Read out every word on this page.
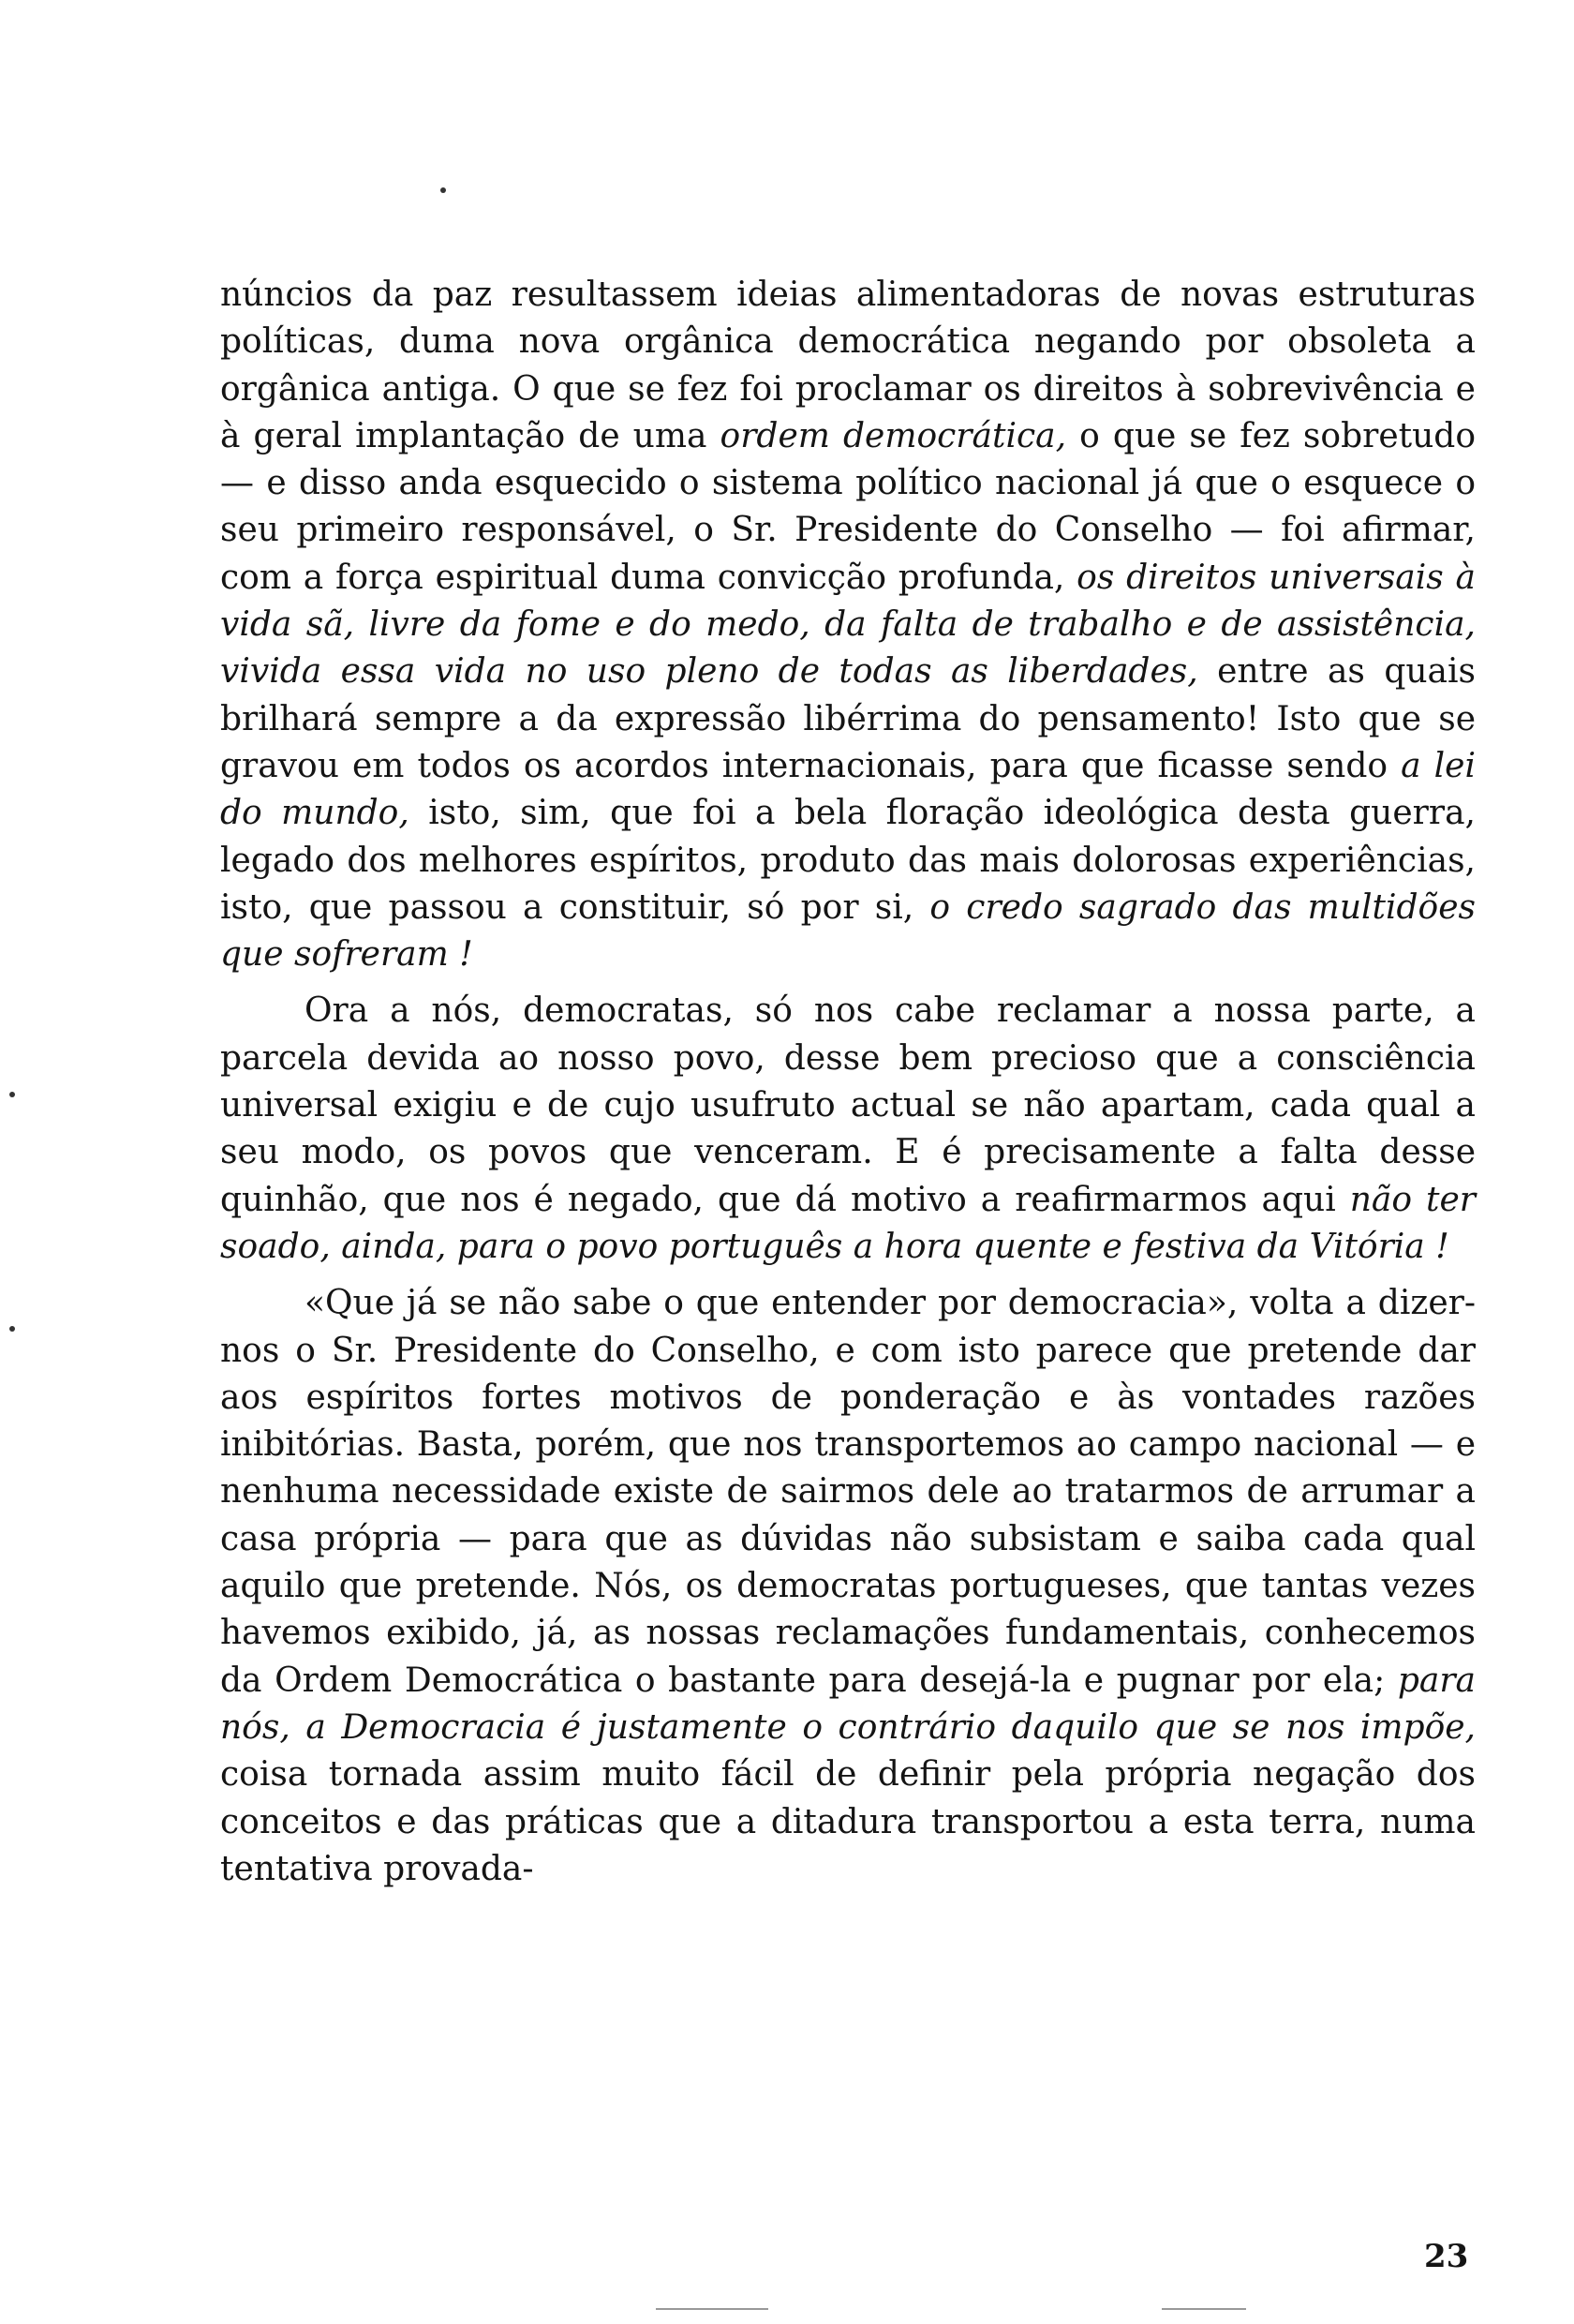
núncios da paz resultassem ideias alimentadoras de novas estruturas políticas, duma nova orgânica democrática negando por obsoleta a orgânica antiga. O que se fez foi proclamar os direitos à sobrevivência e à geral implantação de uma ordem democrática, o que se fez sobretudo — e disso anda esquecido o sistema político nacional já que o esquece o seu primeiro responsável, o Sr. Presidente do Conselho — foi afirmar, com a força espiritual duma convicção profunda, os direitos universais à vida sã, livre da fome e do medo, da falta de trabalho e de assistência, vivida essa vida no uso pleno de todas as liberdades, entre as quais brilhará sempre a da expressão libérrima do pensamento! Isto que se gravou em todos os acordos internacionais, para que ficasse sendo a lei do mundo, isto, sim, que foi a bela floração ideológica desta guerra, legado dos melhores espíritos, produto das mais dolorosas experiências, isto, que passou a constituir, só por si, o credo sagrado das multidões que sofreram !

Ora a nós, democratas, só nos cabe reclamar a nossa parte, a parcela devida ao nosso povo, desse bem precioso que a consciência universal exigiu e de cujo usufruto actual se não apartam, cada qual a seu modo, os povos que venceram. E é precisamente a falta desse quinhão, que nos é negado, que dá motivo a reafirmarmos aqui não ter soado, ainda, para o povo português a hora quente e festiva da Vitória !

«Que já se não sabe o que entender por democracia», volta a dizer-nos o Sr. Presidente do Conselho, e com isto parece que pretende dar aos espíritos fortes motivos de ponderação e às vontades razões inibitórias. Basta, porém, que nos transportemos ao campo nacional — e nenhuma necessidade existe de sairmos dele ao tratarmos de arrumar a casa própria — para que as dúvidas não subsistam e saiba cada qual aquilo que pretende. Nós, os democratas portugueses, que tantas vezes havemos exibido, já, as nossas reclamações fundamentais, conhecemos da Ordem Democrática o bastante para desejá-la e pugnar por ela; para nós, a Democracia é justamente o contrário daquilo que se nos impõe, coisa tornada assim muito fácil de definir pela própria negação dos conceitos e das práticas que a ditadura transportou a esta terra, numa tentativa provada-

23
